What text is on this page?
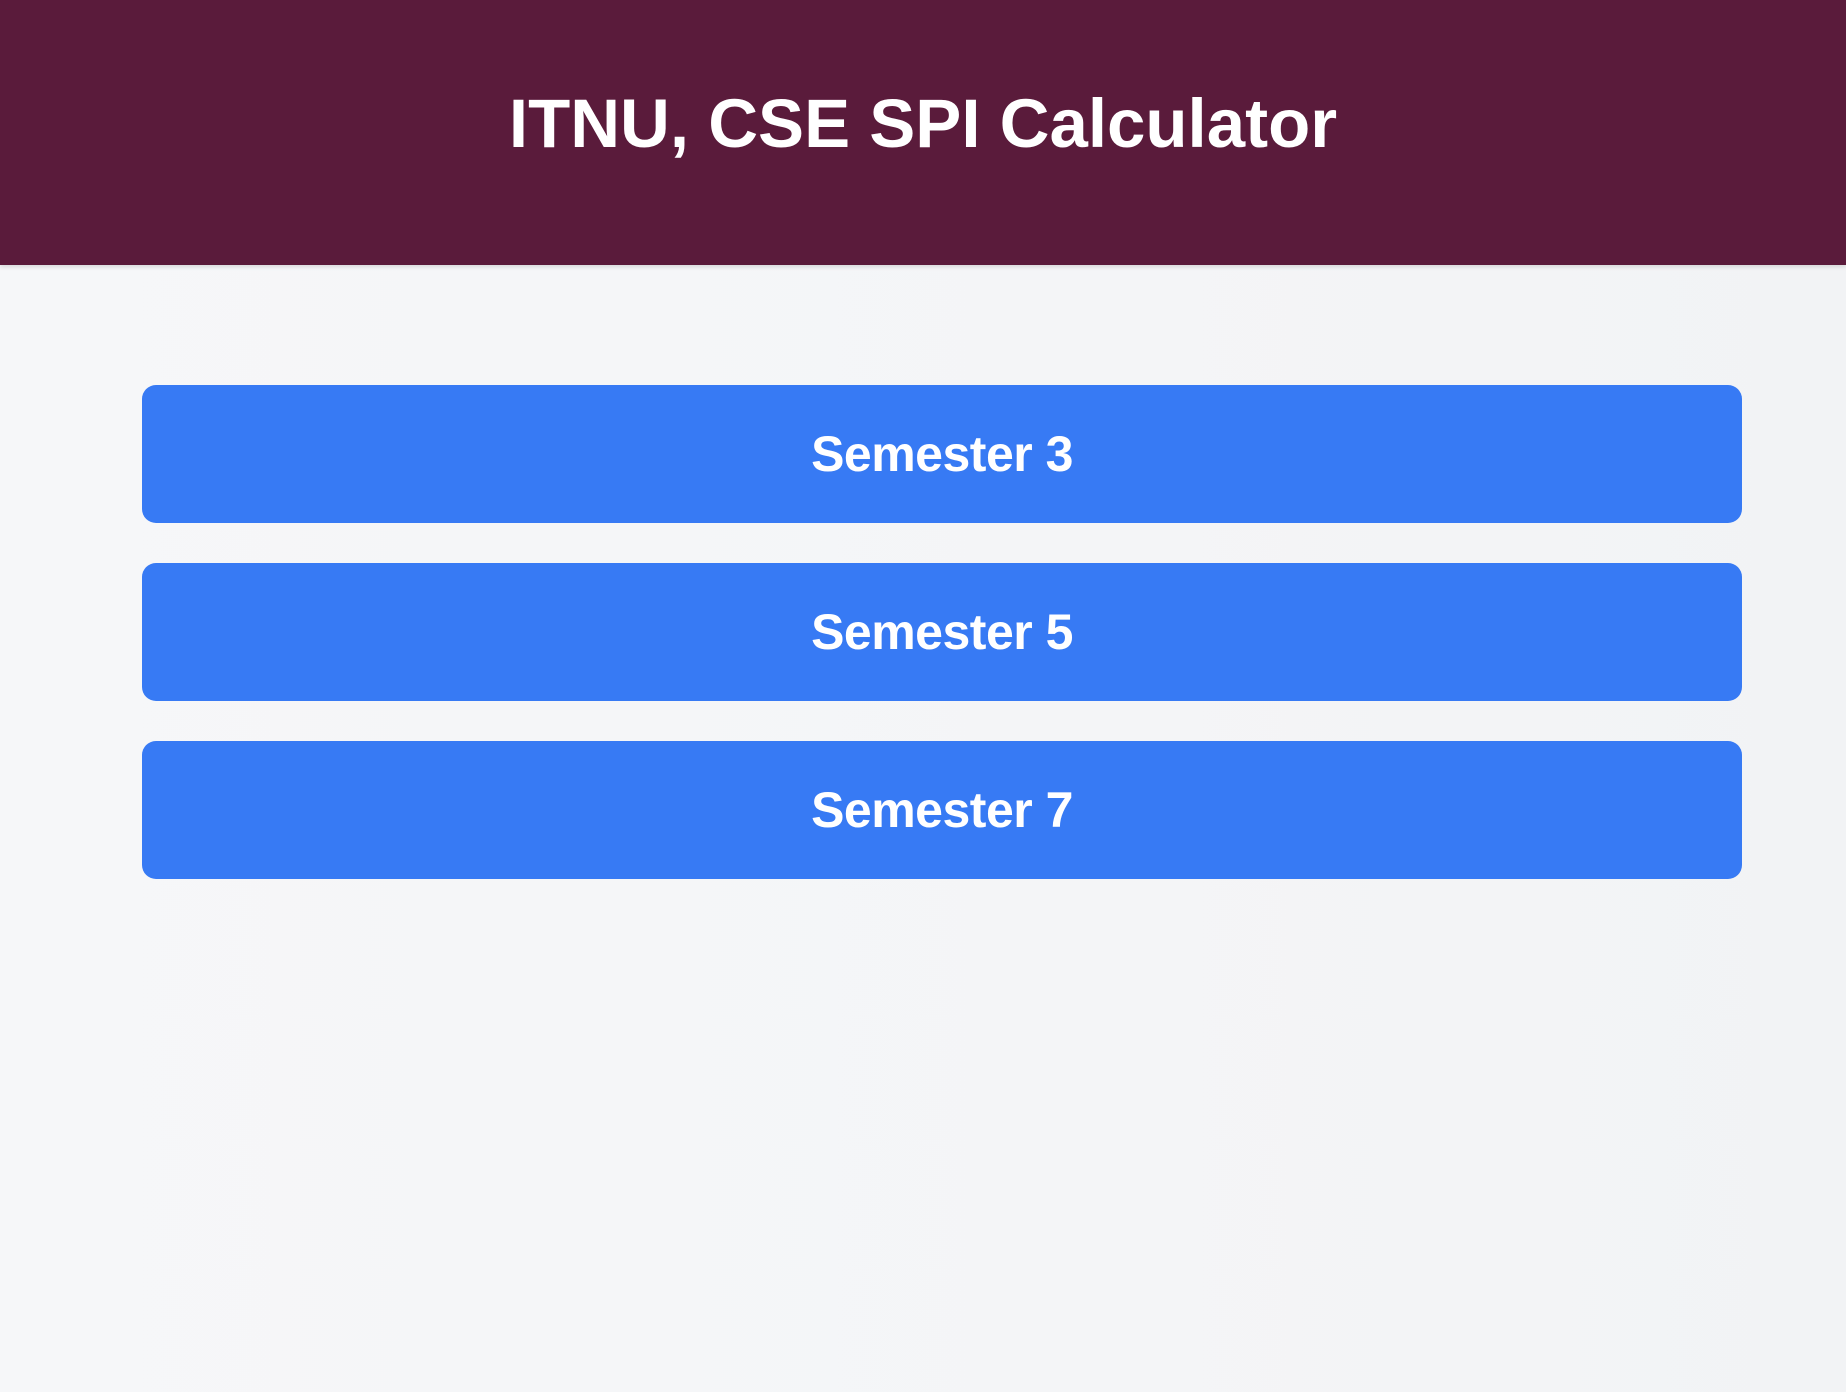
ITNU, CSE SPI Calculator
Semester 3
Semester 5
Semester 7
